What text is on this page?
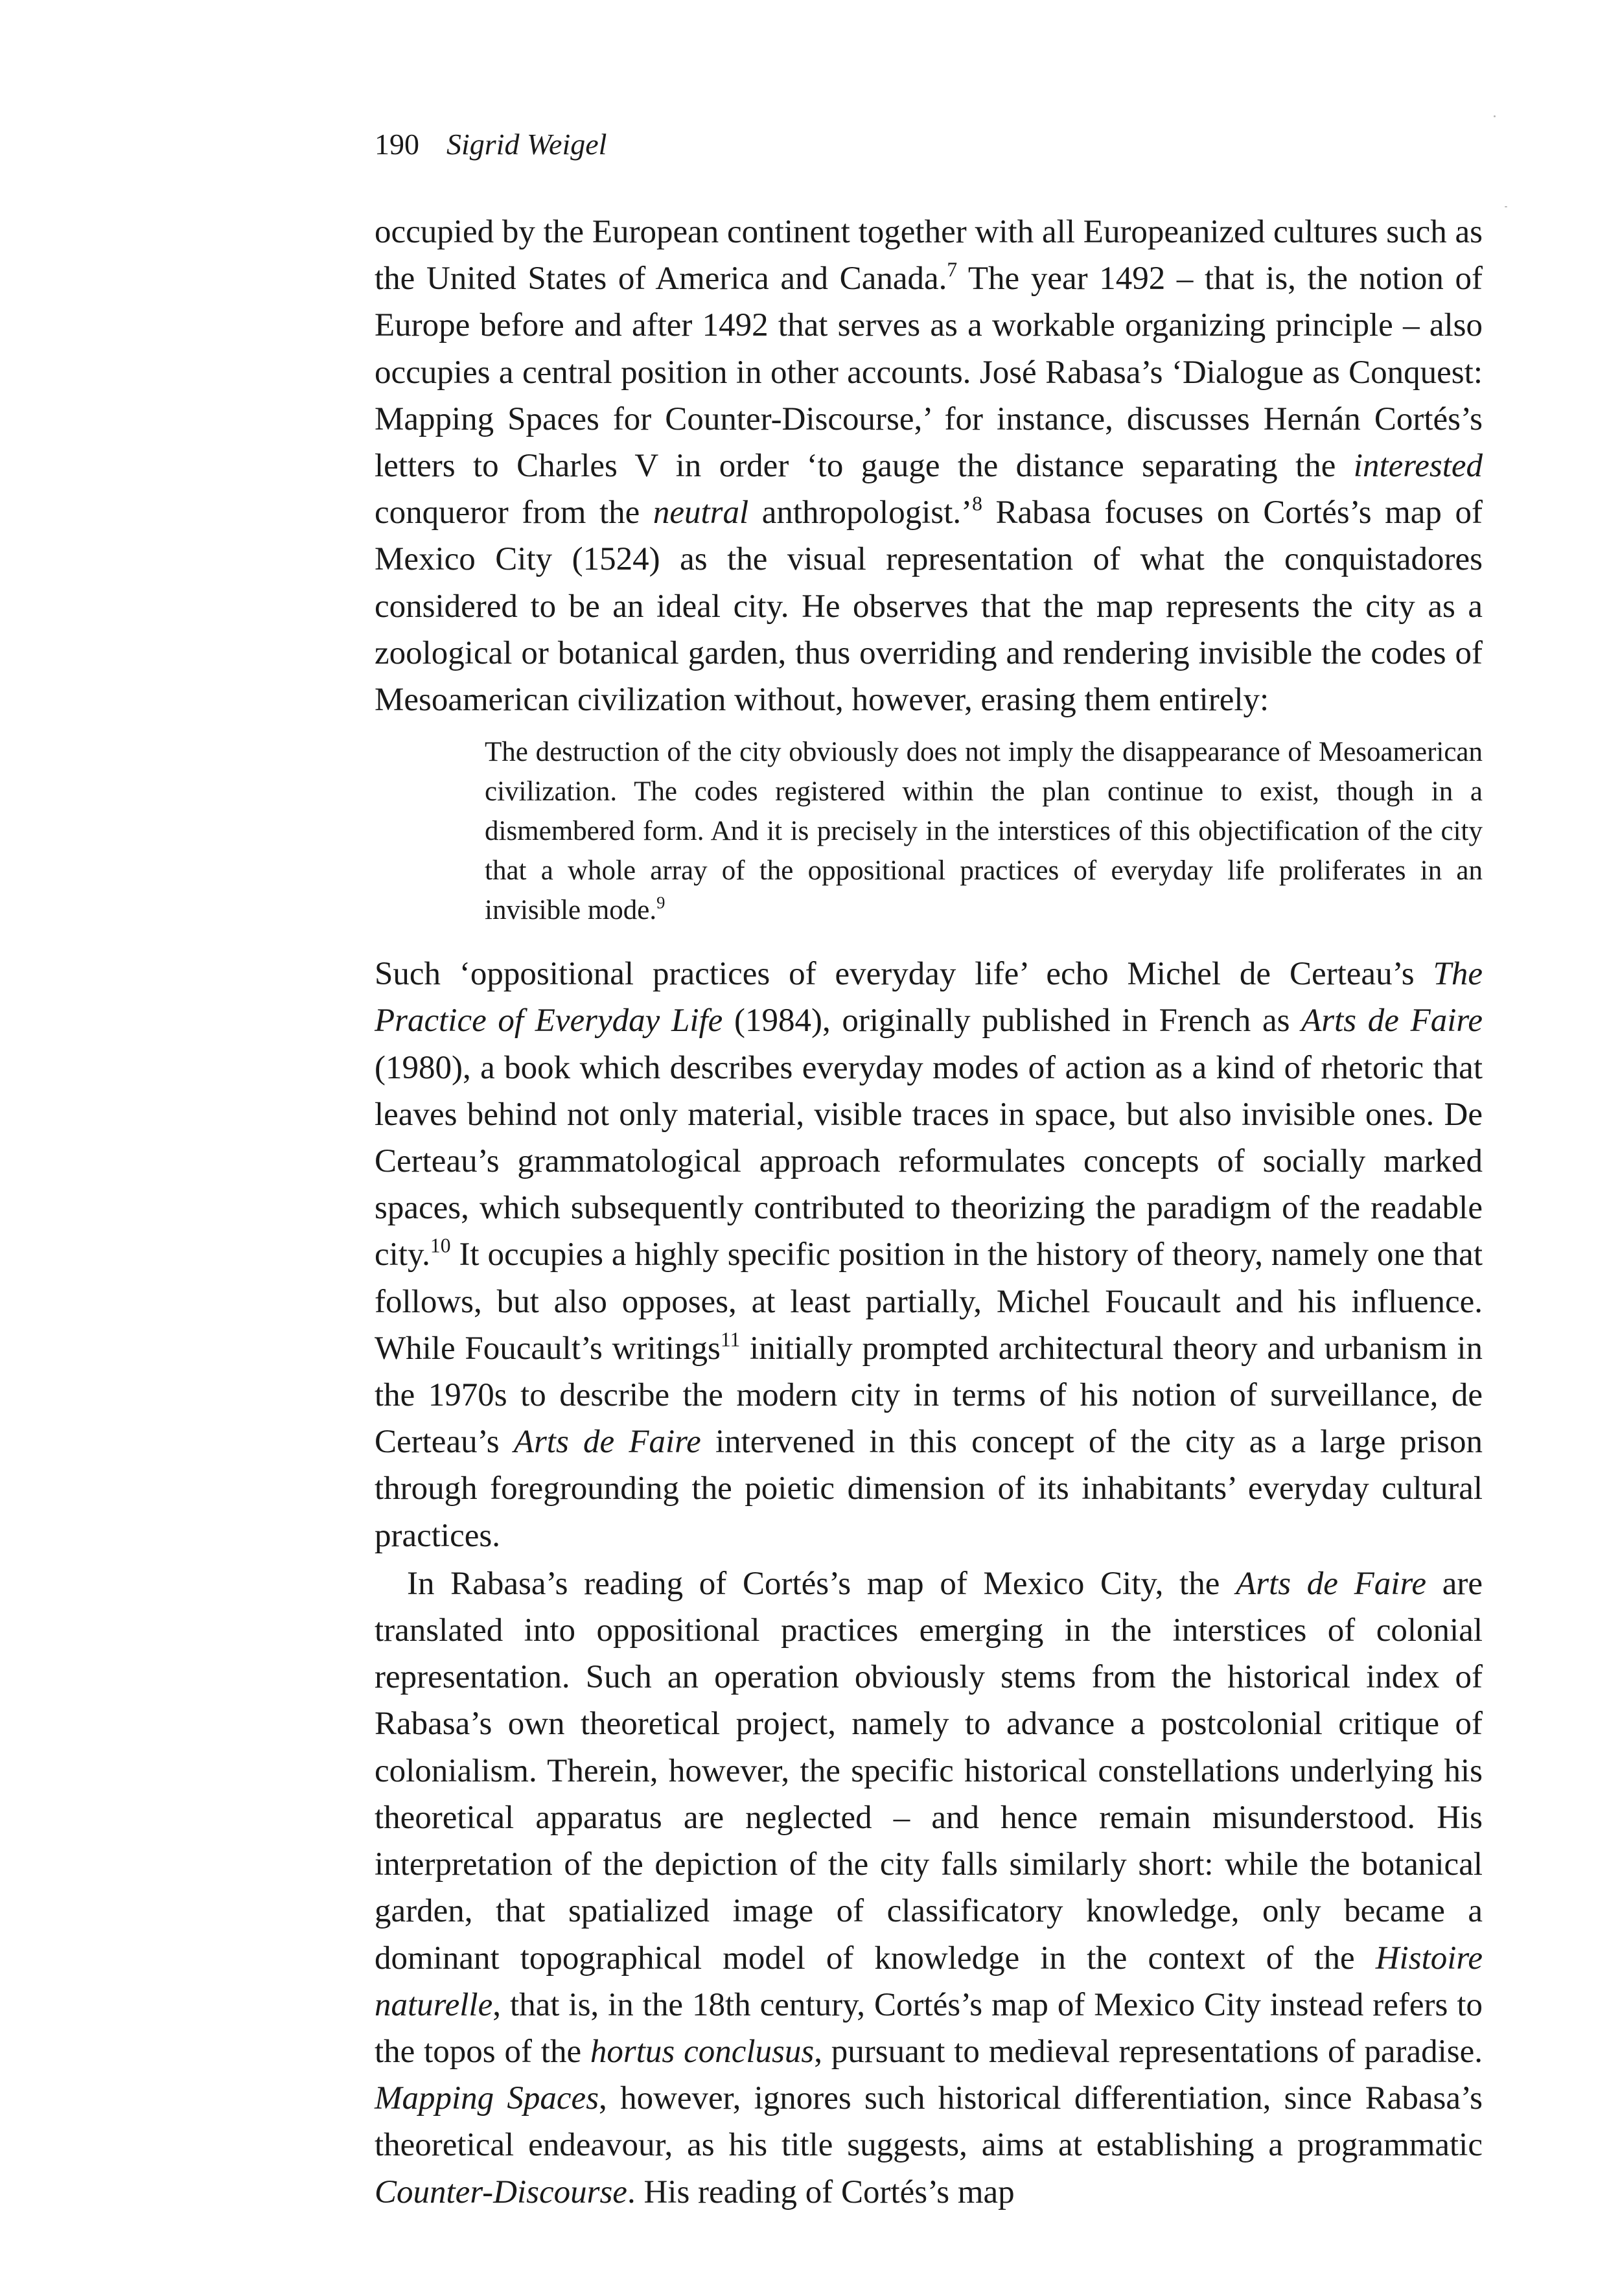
190 Sigrid Weigel

occupied by the European continent together with all Europeanized cultures such as the United States of America and Canada.$^7$ The year 1492 – that is, the notion of Europe before and after 1492 that serves as a workable organizing principle – also occupies a central position in other accounts. José Rabasa’s ‘Dialogue as Conquest: Mapping Spaces for Counter-Discourse,’ for instance, discusses Hernán Cortés’s letters to Charles V in order ‘to gauge the distance separating the interested conqueror from the neutral anthropologist.’$^8$ Rabasa focuses on Cortés’s map of Mexico City (1524) as the visual representation of what the conquistadores considered to be an ideal city. He observes that the map represents the city as a zoological or botanical garden, thus overriding and rendering invisible the codes of Mesoamerican civilization without, however, erasing them entirely:

The destruction of the city obviously does not imply the disappearance of Mesoamerican civilization. The codes registered within the plan continue to exist, though in a dismembered form. And it is precisely in the interstices of this objectification of the city that a whole array of the oppositional practices of everyday life proliferates in an invisible mode.$^9$

Such ‘oppositional practices of everyday life’ echo Michel de Certeau’s The Practice of Everyday Life (1984), originally published in French as Arts de Faire (1980), a book which describes everyday modes of action as a kind of rhetoric that leaves behind not only material, visible traces in space, but also invisible ones. De Certeau’s grammatological approach reformulates concepts of socially marked spaces, which subsequently contributed to theorizing the paradigm of the readable city.$^{10}$ It occupies a highly specific position in the history of theory, namely one that follows, but also opposes, at least partially, Michel Foucault and his influence. While Foucault’s writings$^{11}$ initially prompted architectural theory and urbanism in the 1970s to describe the modern city in terms of his notion of surveillance, de Certeau’s Arts de Faire intervened in this concept of the city as a large prison through foregrounding the poietic dimension of its inhabitants’ everyday cultural practices.

In Rabasa’s reading of Cortés’s map of Mexico City, the Arts de Faire are translated into oppositional practices emerging in the interstices of colonial representation. Such an operation obviously stems from the historical index of Rabasa’s own theoretical project, namely to advance a postcolonial critique of colonialism. Therein, however, the specific historical constellations underlying his theoretical apparatus are neglected – and hence remain misunderstood. His interpretation of the depiction of the city falls similarly short: while the botanical garden, that spatialized image of classificatory knowledge, only became a dominant topographical model of knowledge in the context of the Histoire naturelle, that is, in the 18th century, Cortés’s map of Mexico City instead refers to the topos of the hortus conclusus, pursuant to medieval representations of paradise. Mapping Spaces, however, ignores such historical differentiation, since Rabasa’s theoretical endeavour, as his title suggests, aims at establishing a programmatic Counter-Discourse. His reading of Cortés’s map
